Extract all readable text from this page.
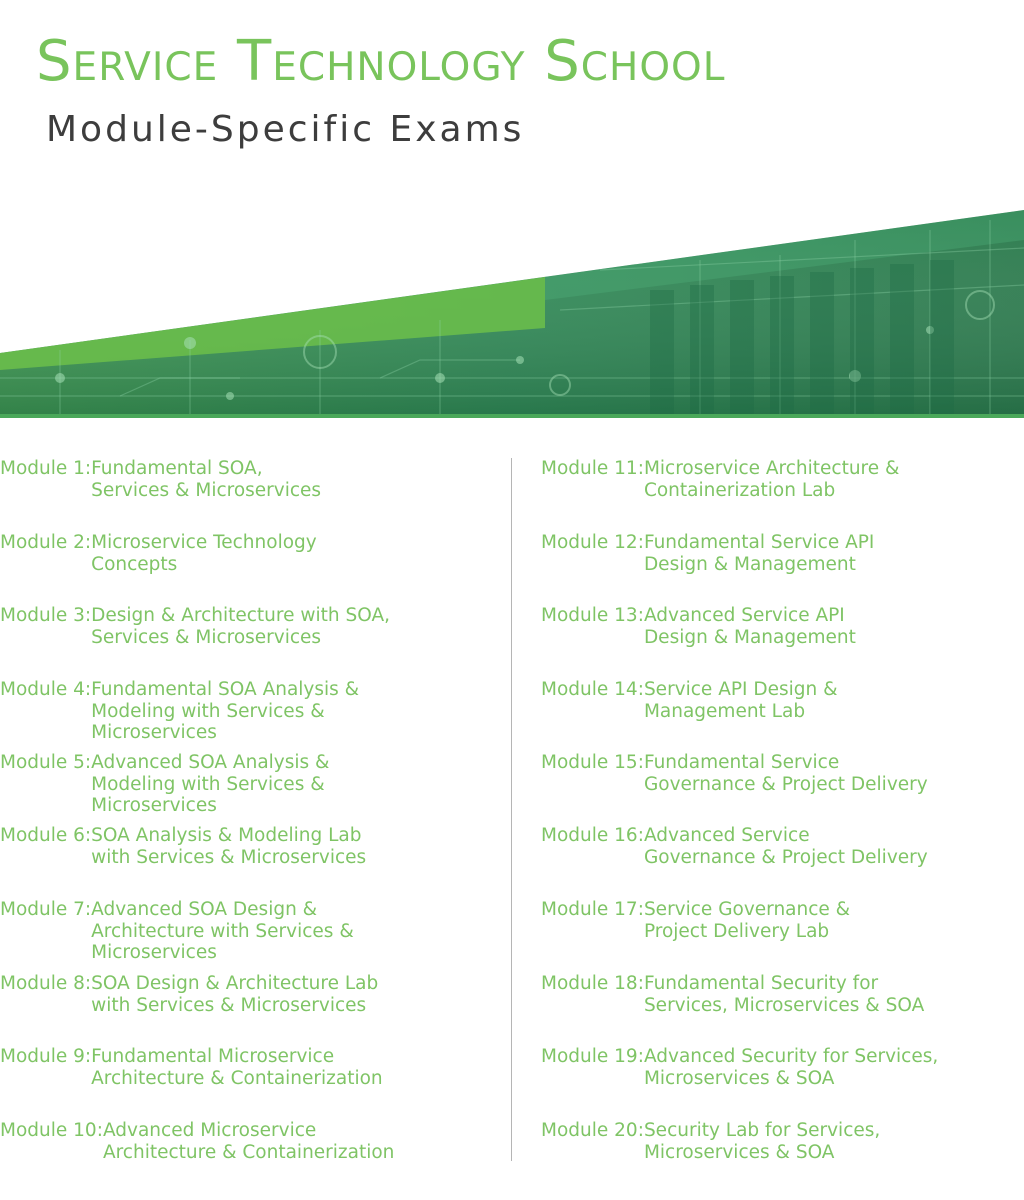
Service Technology School
Module-Specific Exams
Module 1:Fundamental SOA,
Services & Microservices
Module 2:Microservice Technology
Concepts
Module 3:Design & Architecture with SOA,
Services & Microservices
Module 4:Fundamental SOA Analysis &
Modeling with Services &
Microservices
Module 5:Advanced SOA Analysis &
Modeling with Services &
Microservices
Module 6:SOA Analysis & Modeling Lab
with Services & Microservices
Module 7:Advanced SOA Design &
Architecture with Services &
Microservices
Module 8:SOA Design & Architecture Lab
with Services & Microservices
Module 9:Fundamental Microservice
Architecture & Containerization
Module 10:Advanced Microservice
Architecture & Containerization
Module 11:Microservice Architecture &
Containerization Lab
Module 12:Fundamental Service API
Design & Management
Module 13:Advanced Service API
Design & Management
Module 14:Service API Design &
Management Lab
Module 15:Fundamental Service
Governance & Project Delivery
Module 16:Advanced Service
Governance & Project Delivery
Module 17:Service Governance &
Project Delivery Lab
Module 18:Fundamental Security for
Services, Microservices & SOA
Module 19:Advanced Security for Services,
Microservices & SOA
Module 20:Security Lab for Services,
Microservices & SOA
